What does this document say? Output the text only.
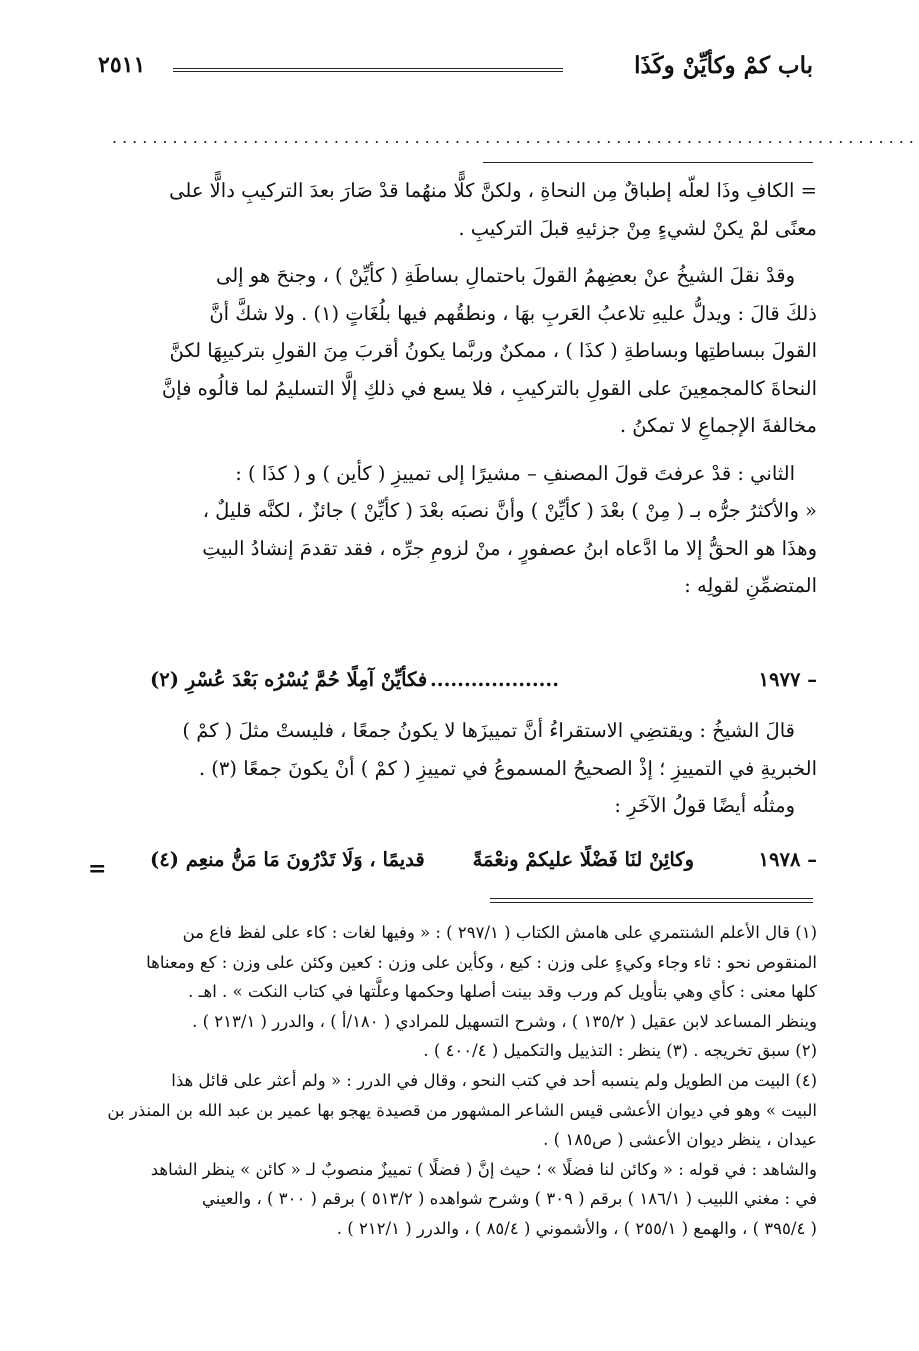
باب كمْ وكأيِّنْ وكَذَا
٢٥١١
................................................................................
= الكافِ وذَا لعلّه إطباقٌ مِن النحاةِ ، ولكنَّ كلًّا منهُما قدْ صَارَ بعدَ التركيبِ دالًّا على
معنًى لمْ يكنْ لشيءٍ مِنْ جزئيهِ قبلَ التركيبِ .
وقدْ نقلَ الشيخُ عنْ بعضِهمُ القولَ باحتمالِ بساطَةِ ( كأيِّنْ ) ، وجنحَ هو إلى
ذلكَ قالَ : ويدلُّ عليهِ تلاعبُ العَربِ بهَا ، ونطقُهم فيها بلُغَاتٍ (١) . ولا شكَّ أنَّ
القولَ ببساطتِها وبساطةِ ( كذَا ) ، ممكنٌ وربَّما يكونُ أقربَ مِنَ القولِ بتركيبِهَا لكنَّ
النحاةَ كالمجمعِينَ على القولِ بالتركيبِ ، فلا يسع في ذلكِ إلَّا التسليمُ لما قالُوه فإنَّ
مخالفةَ الإجماعِ لا تمكنُ .
الثاني : قدْ عرفتَ قولَ المصنفِ – مشيرًا إلى تمييزِ ( كأين ) و ( كذَا ) :
« والأكثرُ جرُّه بـ ( مِنْ ) بعْدَ ( كأيِّنْ ) وأنَّ نصبَه بعْدَ ( كأيِّنْ ) جائزٌ ، لكنَّه قليلٌ ،
وهذَا هو الحقُّ إلا ما ادَّعاه ابنُ عصفورٍ ، منْ لزومِ جرِّه ، فقد تقدمَ إنشادُ البيتِ
المتضمِّنِ لقولِه :
١٩٧٧ –
...................
فكأيِّنْ آمِلًا حُمَّ يُسْرُه بَعْدَ عُسْرِ (٢)
قالَ الشيخُ : ويقتضِي الاستقراءُ أنَّ تمييزَها لا يكونُ جمعًا ، فليستْ مثلَ ( كمْ )
الخبريةِ في التمييزِ ؛ إذْ الصحيحُ المسموعُ في تمييزِ ( كمْ ) أنْ يكونَ جمعًا (٣) .
ومثلُه أيضًا قولُ الآخَرِ :
١٩٧٨ –
وكائِنْ لنَا فَضْلًا عليكمْ ونعْمَةً
قديمًا ، وَلَا تَدْرُونَ مَا مَنُّ منعِم (٤)
=
(١) قال الأعلم الشنتمري على هامش الكتاب ( ٢٩٧/١ ) : « وفيها لغات : كاء على لفظ فاع من
المنقوص نحو : ثاء وجاء وكيءٍ على وزن : كيع ، وكأين على وزن : كعين وكئن على وزن : كع ومعناها
كلها معنى : كأي وهي بتأويل كم ورب وقد بينت أصلها وحكمها وعلَّتها في كتاب النكت » . اهـ .
وينظر المساعد لابن عقيل ( ١٣٥/٢ ) ، وشرح التسهيل للمرادي ( ١٨٠/أ ) ، والدرر ( ٢١٣/١ ) .
(٢) سبق تخريجه . (٣) ينظر : التذييل والتكميل ( ٤٠٠/٤ ) .
(٤) البيت من الطويل ولم ينسبه أحد في كتب النحو ، وقال في الدرر : « ولم أعثر على قائل هذا
البيت » وهو في ديوان الأعشى قيس الشاعر المشهور من قصيدة يهجو بها عمير بن عبد الله بن المنذر بن
عيدان ، ينظر ديوان الأعشى ( ص١٨٥ ) .
والشاهد : في قوله : « وكائن لنا فضلًا » ؛ حيث إنَّ ( فضلًا ) تمييزٌ منصوبٌ لـ « كائن » ينظر الشاهد
في : مغني اللبيب ( ١٨٦/١ ) برقم ( ٣٠٩ ) وشرح شواهده ( ٥١٣/٢ ) برقم ( ٣٠٠ ) ، والعيني
( ٣٩٥/٤ ) ، والهمع ( ٢٥٥/١ ) ، والأشموني ( ٨٥/٤ ) ، والدرر ( ٢١٢/١ ) .
